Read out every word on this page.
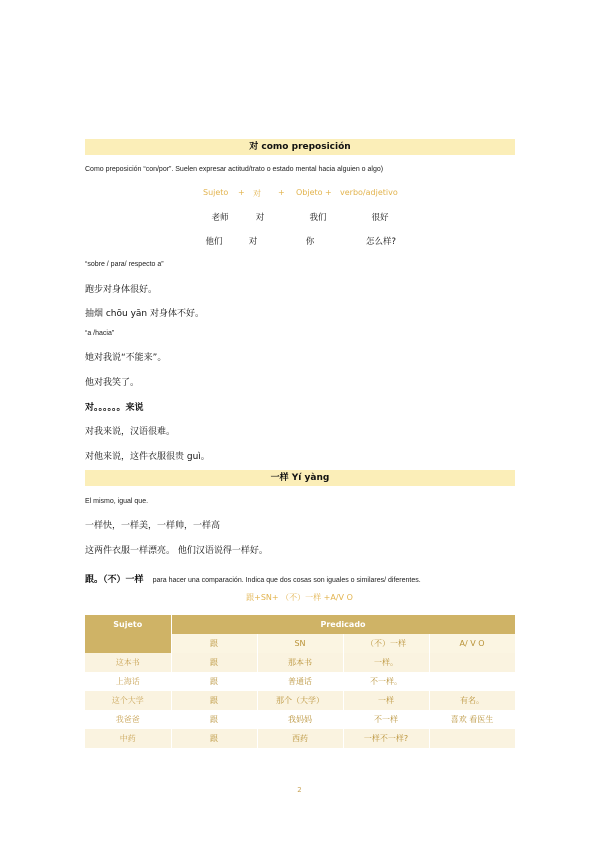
对 como preposición
Como preposición “con/por”. Suelen expresar actitud/trato o estado mental hacia alguien o algo)
Sujeto + 对 + Objeto + verbo/adjetivo
老师	对	我们	很好
他们	对	你	怎么样?
“sobre / para/ respecto a”
跑步对身体很好。
抽烟 chōu yān 对身体不好。
“a /hacia”
她对我说“不能来”。
他对我笑了。
对。。。。。。来说
对我来说，汉语很难。
对他来说，这件衣服很贵 guì。
一样 Yí yàng
El mismo, igual que.
一样快，一样美，一样帅，一样高
这两件衣服一样漂亮。 他们汉语说得一样好。
跟。（不）一样 para hacer una comparación. Indica que dos cosas son iguales o similares/ diferentes.
跟+SN+ （不）一样 +A/V O
Sujeto	Predicado			
	跟	SN	（不）一样	A/ V O
这本书	跟	那本书	一样。	
上海话	跟	普通话	不一样。	
这个大学	跟	那个（大学）	一样	有名。
我爸爸	跟	我妈妈	不一样	喜欢 看医生
中药	跟	西药	一样不一样?	
2
